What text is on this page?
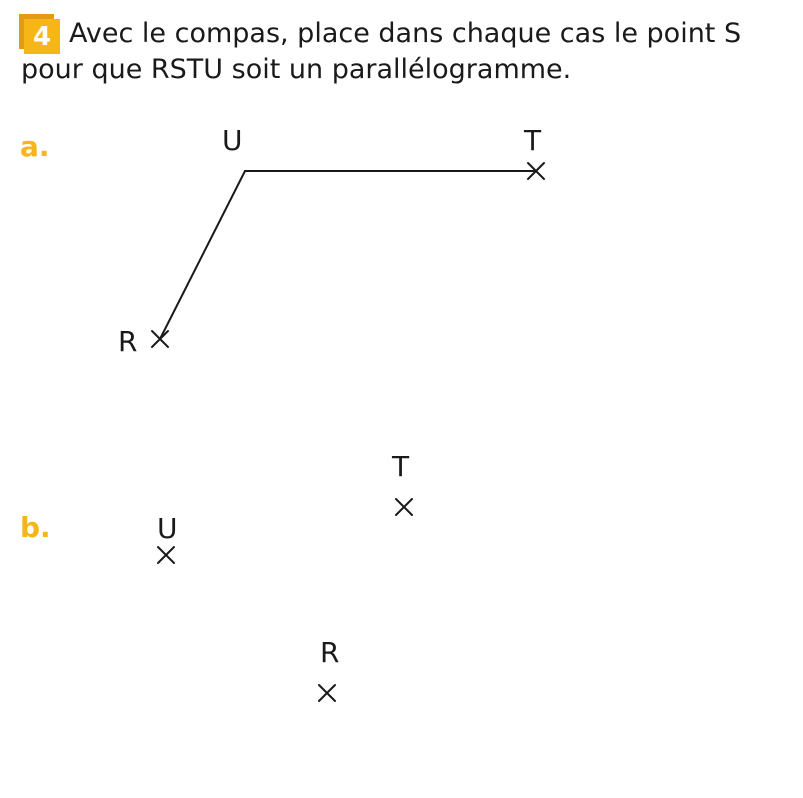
4 Avec le compas, place dans chaque cas le point S
pour que RSTU soit un parallélogramme.

a.	U	T
R
b.
T
U
R
